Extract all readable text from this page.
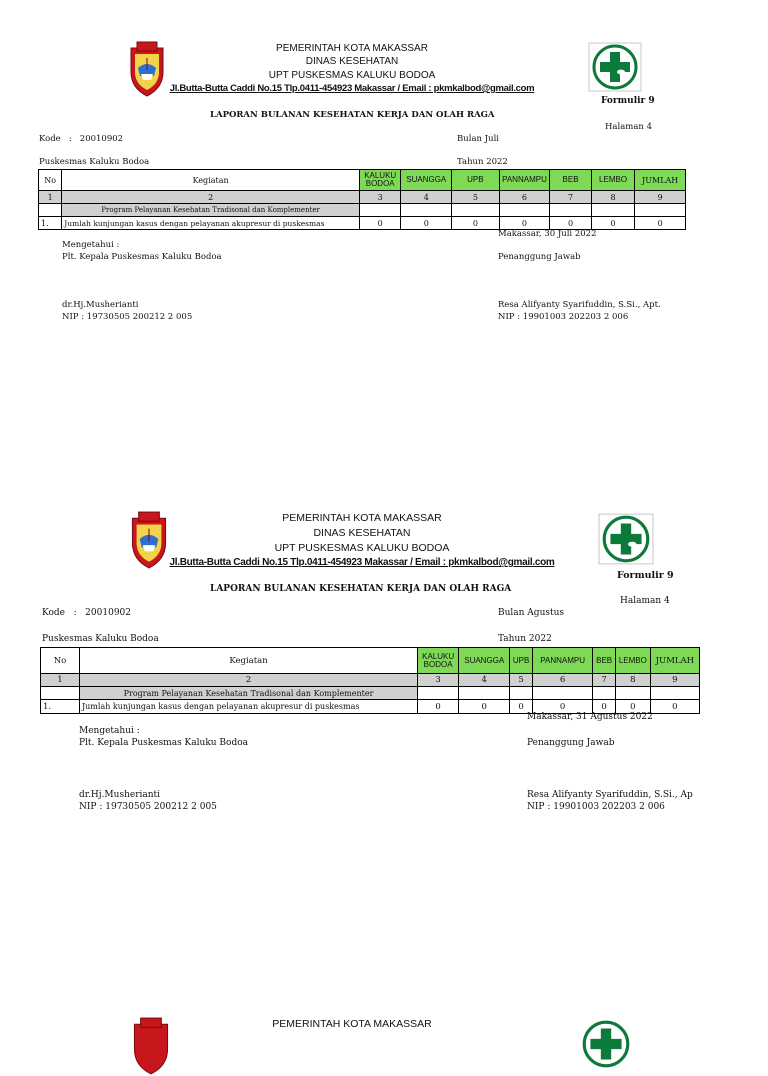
PEMERINTAH KOTA MAKASSAR
DINAS KESEHATAN
UPT PUSKESMAS KALUKU BODOA
Jl.Butta-Butta Caddi No.15 Tlp.0411-454923 Makassar / Email : pkmkalbod@gmail.com
Formulir 9
LAPORAN BULANAN KESEHATAN KERJA DAN OLAH RAGA
Halaman 4
Kode   :   20010902	Bulan Juli
Puskesmas Kaluku Bodoa	Tahun 2022
No	Kegiatan	KALUKU BODOA	SUANGGA	UPB	PANNAMPU	BEB	LEMBO	JUMLAH
1	2	3	4	5	6	7	8	9
	Program Pelayanan Kesehatan Tradisonal dan Komplementer							
1.	Jumlah kunjungan kasus dengan pelayanan akupresur di puskesmas	0	0	0	0	0	0	0
Makassar, 30 Juli 2022
Mengetahui :
Plt. Kepala Puskesmas Kaluku Bodoa	Penanggung Jawab
dr.Hj.Musherianti
NIP : 19730505 200212 2 005
Resa Alifyanty Syarifuddin, S.Si., Apt.
NIP : 19901003 202203 2 006
PEMERINTAH KOTA MAKASSAR
DINAS KESEHATAN
UPT PUSKESMAS KALUKU BODOA
Jl.Butta-Butta Caddi No.15 Tlp.0411-454923 Makassar / Email : pkmkalbod@gmail.com
Formulir 9
LAPORAN BULANAN KESEHATAN KERJA DAN OLAH RAGA
Halaman 4
Kode   :   20010902	Bulan Agustus
Puskesmas Kaluku Bodoa	Tahun 2022
No	Kegiatan	KALUKU BODOA	SUANGGA	UPB	PANNAMPU	BEB	LEMBO	JUMLAH
1	2	3	4	5	6	7	8	9
	Program Pelayanan Kesehatan Tradisonal dan Komplementer							
1.	Jumlah kunjungan kasus dengan pelayanan akupresur di puskesmas	0	0	0	0	0	0	0
Makassar, 31 Agustus 2022
Mengetahui :
Plt. Kepala Puskesmas Kaluku Bodoa	Penanggung Jawab
dr.Hj.Musherianti
NIP : 19730505 200212 2 005
Resa Alifyanty Syarifuddin, S.Si., Ap
NIP : 19901003 202203 2 006
PEMERINTAH KOTA MAKASSAR
